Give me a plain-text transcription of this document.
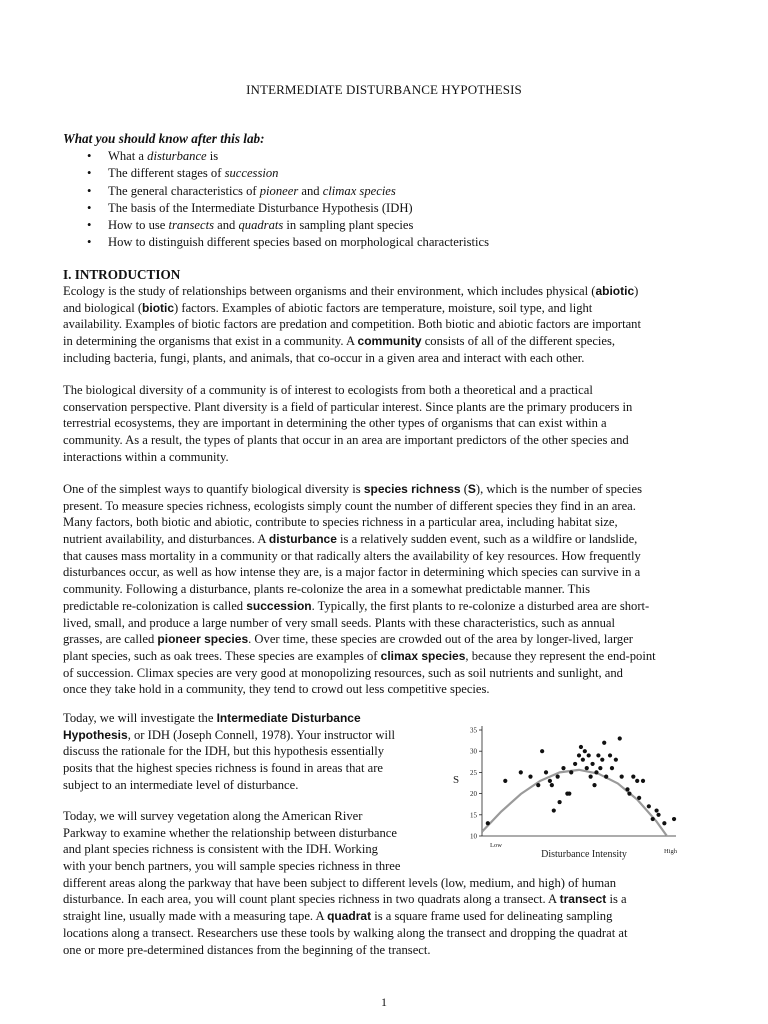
INTERMEDIATE DISTURBANCE HYPOTHESIS
What you should know after this lab:
• What a disturbance is
• The different stages of succession
• The general characteristics of pioneer and climax species
• The basis of the Intermediate Disturbance Hypothesis (IDH)
• How to use transects and quadrats in sampling plant species
• How to distinguish different species based on morphological characteristics
I. INTRODUCTION
Ecology is the study of relationships between organisms and their environment, which includes physical (abiotic)
and biological (biotic) factors. Examples of abiotic factors are temperature, moisture, soil type, and light
availability. Examples of biotic factors are predation and competition. Both biotic and abiotic factors are important
in determining the organisms that exist in a community. A community consists of all of the different species,
including bacteria, fungi, plants, and animals, that co-occur in a given area and interact with each other.
The biological diversity of a community is of interest to ecologists from both a theoretical and a practical
conservation perspective. Plant diversity is a field of particular interest. Since plants are the primary producers in
terrestrial ecosystems, they are important in determining the other types of organisms that can exist within a
community. As a result, the types of plants that occur in an area are important predictors of the other species and
interactions within a community.
One of the simplest ways to quantify biological diversity is species richness (S), which is the number of species
present. To measure species richness, ecologists simply count the number of different species they find in an area.
Many factors, both biotic and abiotic, contribute to species richness in a particular area, including habitat size,
nutrient availability, and disturbances. A disturbance is a relatively sudden event, such as a wildfire or landslide,
that causes mass mortality in a community or that radically alters the availability of key resources. How frequently
disturbances occur, as well as how intense they are, is a major factor in determining which species can survive in a
community. Following a disturbance, plants re-colonize the area in a somewhat predictable manner. This
predictable re-colonization is called succession. Typically, the first plants to re-colonize a disturbed area are short-
lived, small, and produce a large number of very small seeds. Plants with these characteristics, such as annual
grasses, are called pioneer species. Over time, these species are crowded out of the area by longer-lived, larger
plant species, such as oak trees. These species are examples of climax species, because they represent the end-point
of succession. Climax species are very good at monopolizing resources, such as soil nutrients and sunlight, and
once they take hold in a community, they tend to crowd out less competitive species.
Today, we will investigate the Intermediate Disturbance
Hypothesis, or IDH (Joseph Connell, 1978). Your instructor will
discuss the rationale for the IDH, but this hypothesis essentially
posits that the highest species richness is found in areas that are
subject to an intermediate level of disturbance.
Today, we will survey vegetation along the American River
Parkway to examine whether the relationship between disturbance
and plant species richness is consistent with the IDH. Working
with your bench partners, you will sample species richness in three
different areas along the parkway that have been subject to different levels (low, medium, and high) of human
disturbance. In each area, you will count plant species richness in two quadrats along a transect. A transect is a
straight line, usually made with a measuring tape. A quadrat is a square frame used for delineating sampling
locations along a transect. Researchers use these tools by walking along the transect and dropping the quadrat at
one or more pre-determined distances from the beginning of the transect.
10
15
20
25
30
35
S
Low
High
Disturbance Intensity
1
